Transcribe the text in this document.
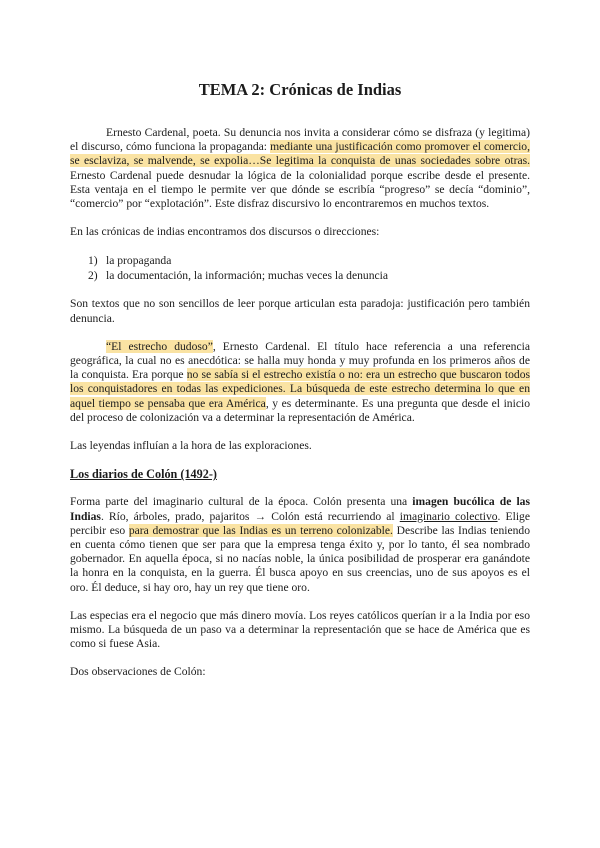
TEMA 2: Crónicas de Indias
Ernesto Cardenal, poeta. Su denuncia nos invita a considerar cómo se disfraza (y legitima) el discurso, cómo funciona la propaganda: mediante una justificación como promover el comercio, se esclaviza, se malvende, se expolia…Se legitima la conquista de unas sociedades sobre otras. Ernesto Cardenal puede desnudar la lógica de la colonialidad porque escribe desde el presente. Esta ventaja en el tiempo le permite ver que dónde se escribía “progreso” se decía “dominio”, “comercio” por “explotación”. Este disfraz discursivo lo encontraremos en muchos textos.
En las crónicas de indias encontramos dos discursos o direcciones:
1) la propaganda
2) la documentación, la información; muchas veces la denuncia
Son textos que no son sencillos de leer porque articulan esta paradoja: justificación pero también denuncia.
“El estrecho dudoso”, Ernesto Cardenal. El título hace referencia a una referencia geográfica, la cual no es anecdótica: se halla muy honda y muy profunda en los primeros años de la conquista. Era porque no se sabía si el estrecho existía o no: era un estrecho que buscaron todos los conquistadores en todas las expediciones. La búsqueda de este estrecho determina lo que en aquel tiempo se pensaba que era América, y es determinante. Es una pregunta que desde el inicio del proceso de colonización va a determinar la representación de América.
Las leyendas influían a la hora de las exploraciones.
Los diarios de Colón (1492-)
Forma parte del imaginario cultural de la época. Colón presenta una imagen bucólica de las Indias. Río, árboles, prado, pajaritos → Colón está recurriendo al imaginario colectivo. Elige percibir eso para demostrar que las Indias es un terreno colonizable. Describe las Indias teniendo en cuenta cómo tienen que ser para que la empresa tenga éxito y, por lo tanto, él sea nombrado gobernador. En aquella época, si no nacías noble, la única posibilidad de prosperar era ganándote la honra en la conquista, en la guerra. Él busca apoyo en sus creencias, uno de sus apoyos es el oro. Él deduce, si hay oro, hay un rey que tiene oro.
Las especias era el negocio que más dinero movía. Los reyes católicos querían ir a la India por eso mismo. La búsqueda de un paso va a determinar la representación que se hace de América que es como si fuese Asia.
Dos observaciones de Colón:
